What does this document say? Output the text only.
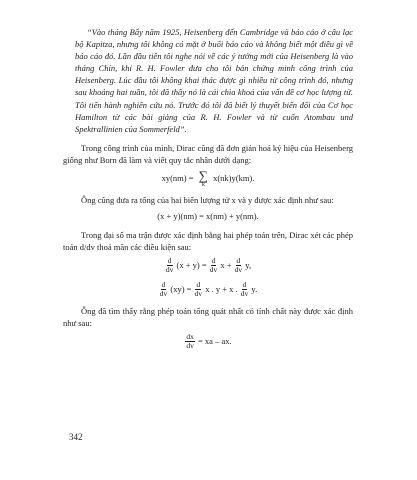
“Vào tháng Bẩy năm 1925, Heisenberg đến Cambridge và báo cáo ở câu lạc bộ Kapitza, nhưng tôi không có mặt ở buổi báo cáo và không biết một điều gì về báo cáo đó. Lần đầu tiên tôi nghe nói về các ý tưởng mới của Heisenberg là vào tháng Chín, khi R. H. Fowler đưa cho tôi bản chứng minh công trình của Heisenberg. Lúc đầu tôi không khai thác được gì nhiều từ công trình đó, nhưng sau khoảng hai tuần, tôi đã thấy nó là cái chìa khoá của vấn đề cơ học lượng tử. Tôi tiến hành nghiên cứu nó. Trước đó tôi đã biết lý thuyết biến đổi của Cơ học Hamilton từ các bài giảng của R. H. Fowler và từ cuốn Atombau und Spektrallinien của Sommerfeld”.

Trong công trình của mình, Dirac cũng đã đơn giản hoá ký hiệu của Heisenberg giống như Born đã làm và viết quy tắc nhân dưới dạng:

xy(nm) = ∑
k
x(nk)y(km).

Ông cũng đưa ra tổng của hai biến lượng tử x và y được xác định như sau:

(x + y)(nm) = x(nm) + y(nm).

Trong đại số ma trận được xác định bằng hai phép toán trên, Dirac xét các phép toán d/dv thoả mãn các điều kiện sau:

$\frac{d}{dv} (x + y) = \frac{d}{dv}$ $x + \frac{d}{dv} y$,
$\frac{d}{dv} (xy) = \frac{d}{dv}$ x . y + x . $\frac{d}{dv} y$.

Ông đã tìm thấy rằng phép toán tổng quát nhất có tính chất này được xác định như sau:

$\frac{dx}{dv}$ = xa – ax.
342
